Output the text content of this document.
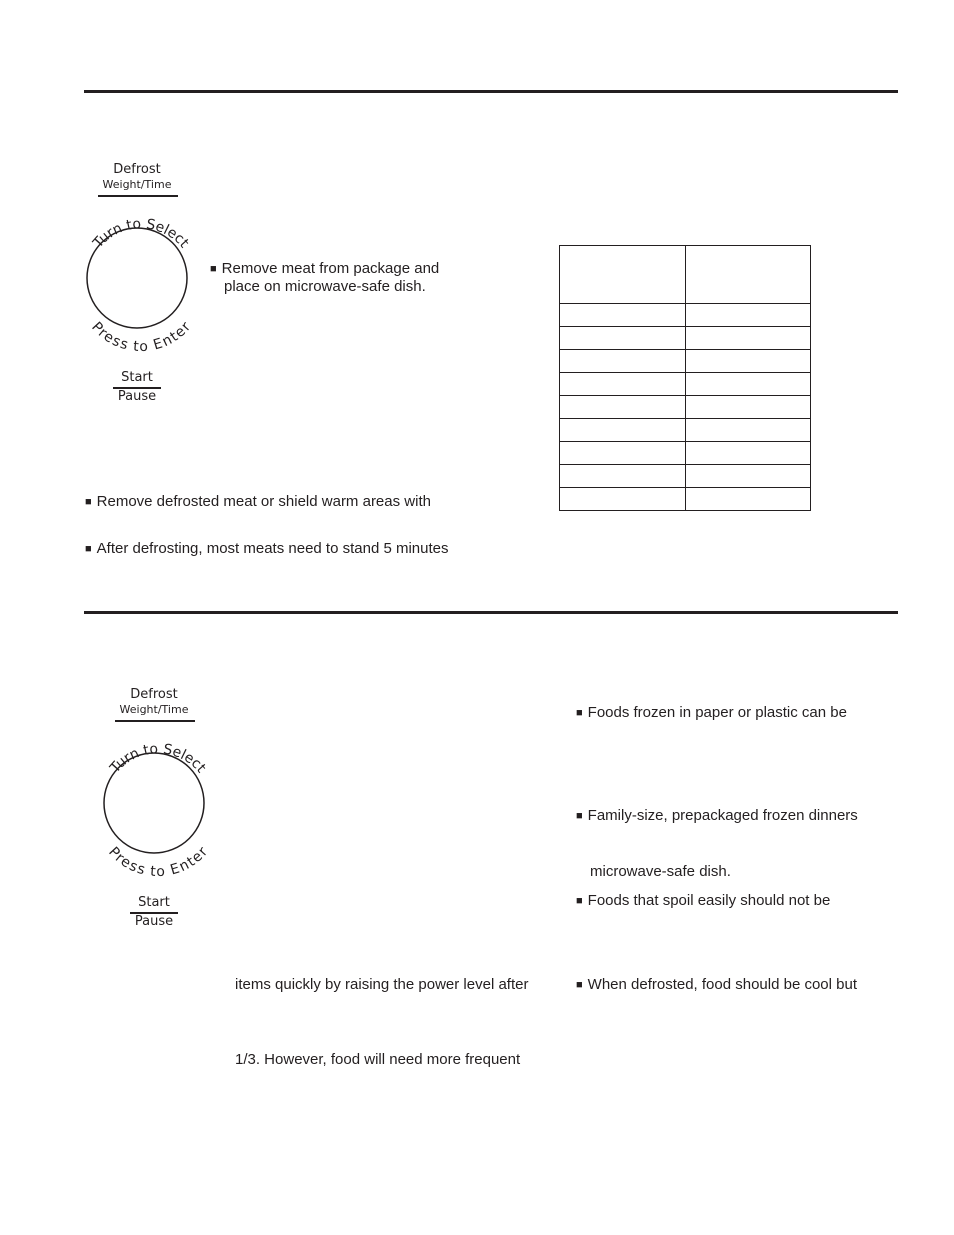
Defrost
Weight/Time
Turn to Select
Press to Enter
Start
Pause
■ Remove meat from package and
place on microwave-safe dish.

■ Remove defrosted meat or shield warm areas with
■ After defrosting, most meats need to stand 5 minutes
Defrost
Weight/Time
Turn to Select
Press to Enter
Start
Pause
■ Foods frozen in paper or plastic can be
■ Family-size, prepackaged frozen dinners
microwave-safe dish.
■ Foods that spoil easily should not be
items quickly by raising the power level after
■	When defrosted, food should be cool but
1/3. However, food will need more frequent
